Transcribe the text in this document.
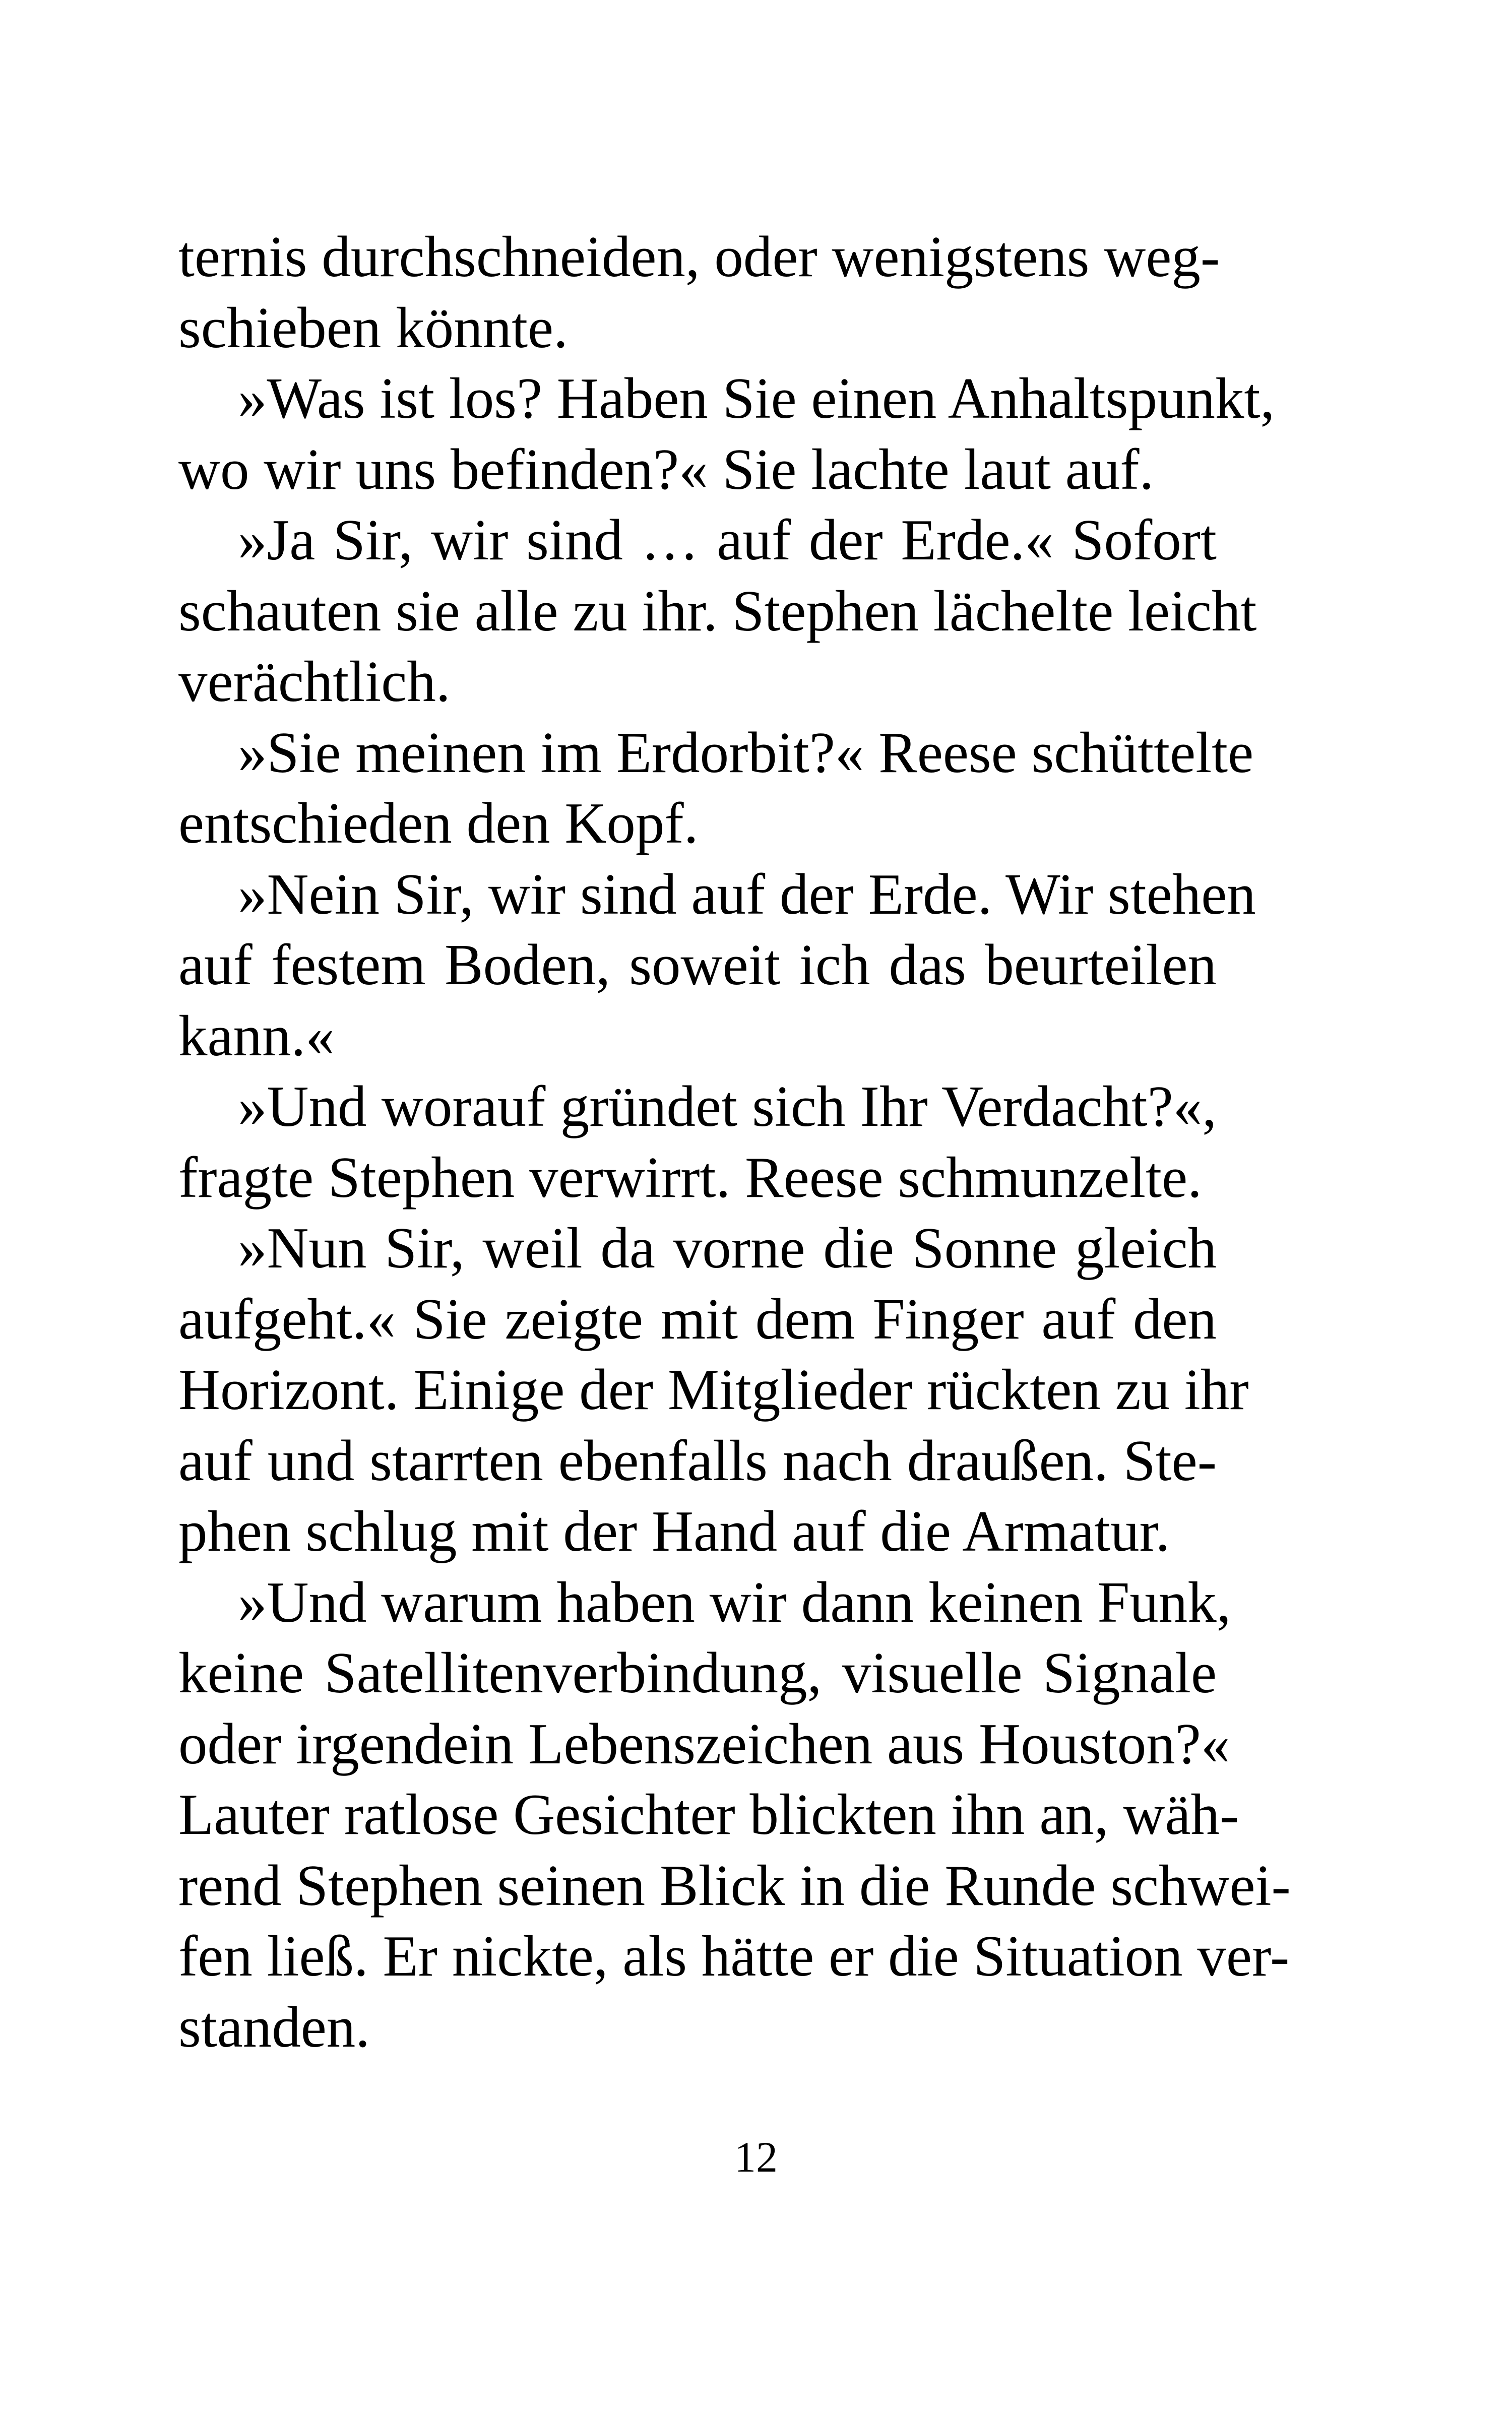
ternis durchschneiden, oder wenigstens weg-
schieben könnte.
»Was ist los? Haben Sie einen Anhaltspunkt,
wo wir uns befinden?« Sie lachte laut auf.
»Ja Sir, wir sind … auf der Erde.« Sofort
schauten sie alle zu ihr. Stephen lächelte leicht
verächtlich.
»Sie meinen im Erdorbit?« Reese schüttelte
entschieden den Kopf.
»Nein Sir, wir sind auf der Erde. Wir stehen
auf festem Boden, soweit ich das beurteilen
kann.«
»Und worauf gründet sich Ihr Verdacht?«,
fragte Stephen verwirrt. Reese schmunzelte.
»Nun Sir, weil da vorne die Sonne gleich
aufgeht.« Sie zeigte mit dem Finger auf den
Horizont. Einige der Mitglieder rückten zu ihr
auf und starrten ebenfalls nach draußen. Ste-
phen schlug mit der Hand auf die Armatur.
»Und warum haben wir dann keinen Funk,
keine Satellitenverbindung, visuelle Signale
oder irgendein Lebenszeichen aus Houston?«
Lauter ratlose Gesichter blickten ihn an, wäh-
rend Stephen seinen Blick in die Runde schwei-
fen ließ. Er nickte, als hätte er die Situation ver-
standen.
12
